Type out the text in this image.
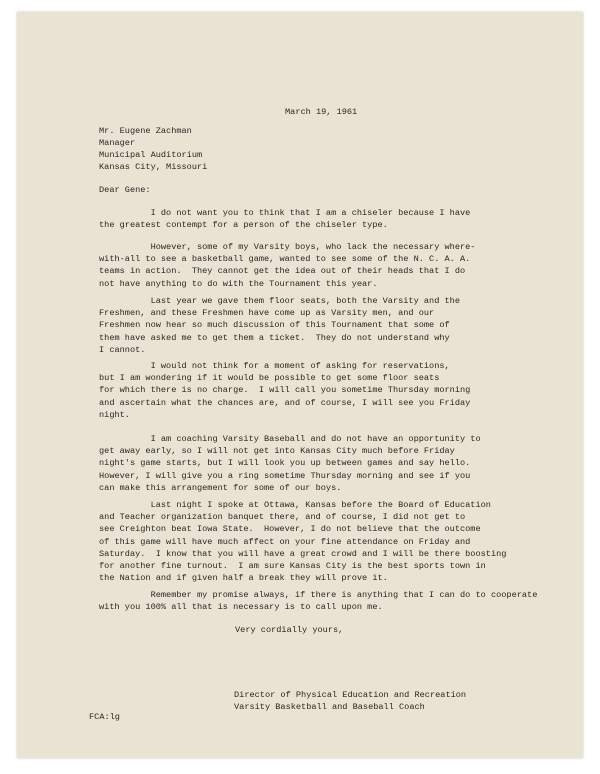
March 19, 1961
Mr. Eugene Zachman
Manager
Municipal Auditorium
Kansas City, Missouri
Dear Gene:
I do not want you to think that I am a chiseler because I have
the greatest contempt for a person of the chiseler type.
However, some of my Varsity boys, who lack the necessary where-
with-all to see a basketball game, wanted to see some of the N. C. A. A.
teams in action.  They cannot get the idea out of their heads that I do
not have anything to do with the Tournament this year.
Last year we gave them floor seats, both the Varsity and the
Freshmen, and these Freshmen have come up as Varsity men, and our
Freshmen now hear so much discussion of this Tournament that some of
them have asked me to get them a ticket.  They do not understand why
I cannot.
I would not think for a moment of asking for reservations,
but I am wondering if it would be possible to get some floor seats
for which there is no charge.  I will call you sometime Thursday morning
and ascertain what the chances are, and of course, I will see you Friday
night.
I am coaching Varsity Baseball and do not have an opportunity to
get away early, so I will not get into Kansas City much before Friday
night's game starts, but I will look you up between games and say hello.
However, I will give you a ring sometime Thursday morning and see if you
can make this arrangement for some of our boys.
Last night I spoke at Ottawa, Kansas before the Board of Education
and Teacher organization banquet there, and of course, I did not get to
see Creighton beat Iowa State.  However, I do not believe that the outcome
of this game will have much affect on your fine attendance on Friday and
Saturday.  I know that you will have a great crowd and I will be there boosting
for another fine turnout.  I am sure Kansas City is the best sports town in
the Nation and if given half a break they will prove it.
Remember my promise always, if there is anything that I can do to cooperate
with you 100% all that is necessary is to call upon me.
Very cordially yours,
Director of Physical Education and Recreation
Varsity Basketball and Baseball Coach
FCA:lg
